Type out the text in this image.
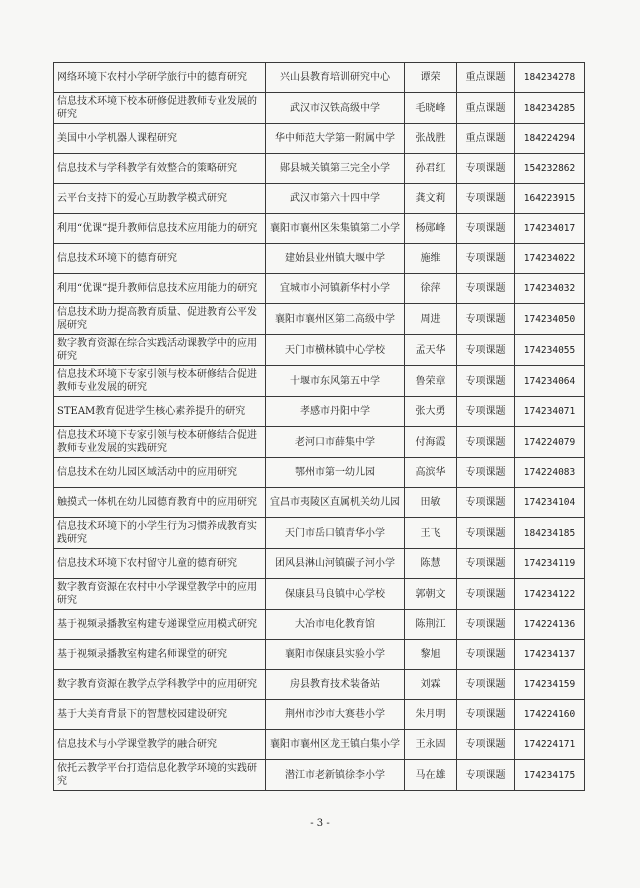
网络环境下农村小学研学旅行中的德育研究	兴山县教育培训研究中心	谭荣	重点课题	184234278
信息技术环境下校本研修促进教师专业发展的研究	武汉市汉铁高级中学	毛晓峰	重点课题	184234285
美国中小学机器人课程研究	华中师范大学第一附属中学	张战胜	重点课题	184224294
信息技术与学科教学有效整合的策略研究	郧县城关镇第三完全小学	孙君红	专项课题	154232862
云平台支持下的爱心互助教学模式研究	武汉市第六十四中学	龚文莉	专项课题	164223915
利用“优课”提升教师信息技术应用能力的研究	襄阳市襄州区朱集镇第二小学	杨郧峰	专项课题	174234017
信息技术环境下的德育研究	建始县业州镇大堰中学	施维	专项课题	174234022
利用“优课”提升教师信息技术应用能力的研究	宜城市小河镇新华村小学	徐萍	专项课题	174234032
信息技术助力提高教育质量、促进教育公平发展研究	襄阳市襄州区第二高级中学	周进	专项课题	174234050
数字教育资源在综合实践活动课教学中的应用研究	天门市横林镇中心学校	孟天华	专项课题	174234055
信息技术环境下专家引领与校本研修结合促进教师专业发展的研究	十堰市东风第五中学	鲁荣章	专项课题	174234064
STEAM教育促进学生核心素养提升的研究	孝感市丹阳中学	张大勇	专项课题	174234071
信息技术环境下专家引领与校本研修结合促进教师专业发展的实践研究	老河口市薛集中学	付海霞	专项课题	174224079
信息技术在幼儿园区域活动中的应用研究	鄂州市第一幼儿园	高滨华	专项课题	174224083
触摸式一体机在幼儿园德育教育中的应用研究	宜昌市夷陵区直属机关幼儿园	田敏	专项课题	174234104
信息技术环境下的小学生行为习惯养成教育实践研究	天门市岳口镇青华小学	王飞	专项课题	184234185
信息技术环境下农村留守儿童的德育研究	团风县淋山河镇碳子河小学	陈慧	专项课题	174234119
数字教育资源在农村中小学课堂教学中的应用研究	保康县马良镇中心学校	郭朝文	专项课题	174234122
基于视频录播教室构建专递课堂应用模式研究	大冶市电化教育馆	陈荆江	专项课题	174224136
基于视频录播教室构建名师课堂的研究	襄阳市保康县实验小学	黎旭	专项课题	174234137
数字教育资源在教学点学科教学中的应用研究	房县教育技术装备站	刘霖	专项课题	174234159
基于大美育背景下的智慧校园建设研究	荆州市沙市大赛巷小学	朱月明	专项课题	174224160
信息技术与小学课堂教学的融合研究	襄阳市襄州区龙王镇白集小学	王永固	专项课题	174224171
依托云教学平台打造信息化教学环境的实践研究	潜江市老新镇徐李小学	马在雄	专项课题	174234175
- 3 -
